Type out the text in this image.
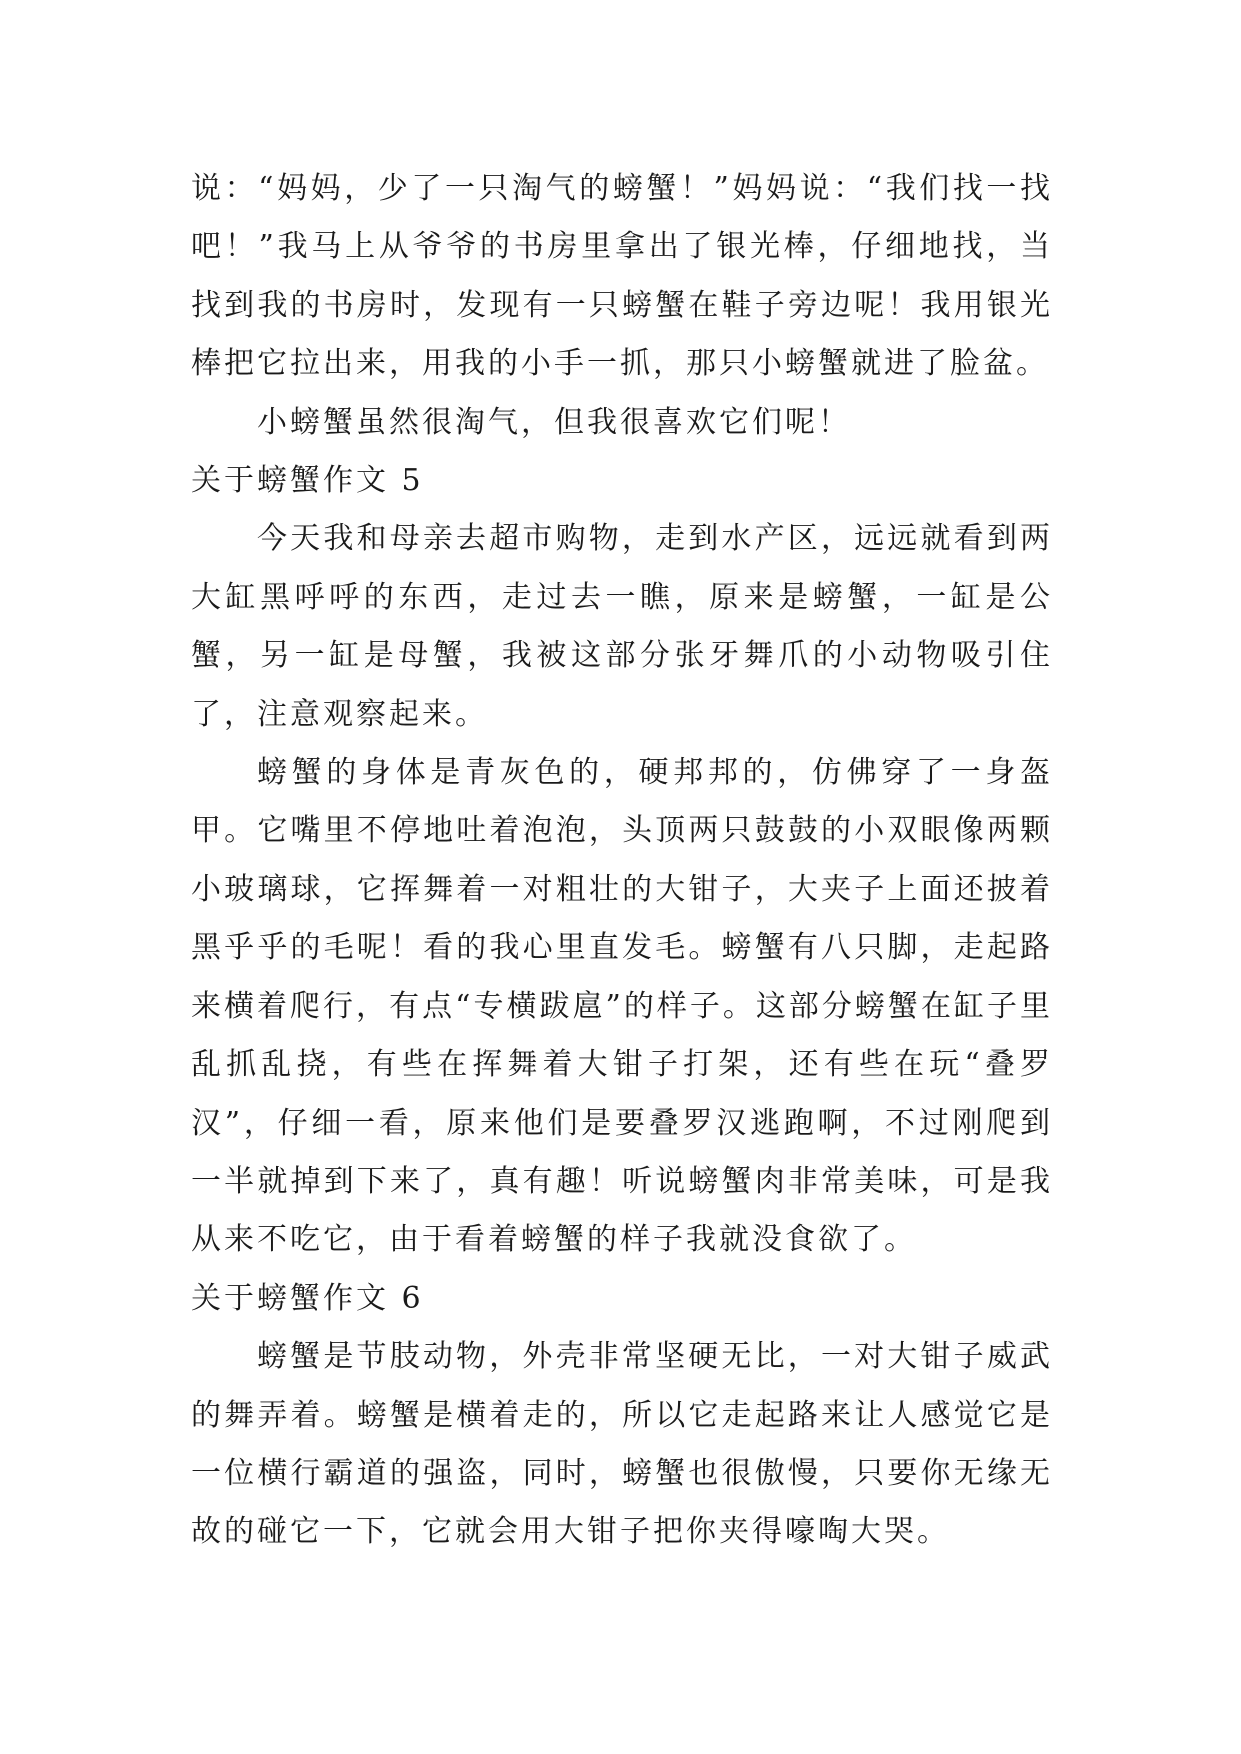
说：“妈妈，少了一只淘气的螃蟹！”妈妈说：“我们找一找吧！”我马上从爷爷的书房里拿出了银光棒，仔细地找，当找到我的书房时，发现有一只螃蟹在鞋子旁边呢！我用银光棒把它拉出来，用我的小手一抓，那只小螃蟹就进了脸盆。

小螃蟹虽然很淘气，但我很喜欢它们呢！

关于螃蟹作文 5

今天我和母亲去超市购物，走到水产区，远远就看到两大缸黑呼呼的东西，走过去一瞧，原来是螃蟹，一缸是公蟹，另一缸是母蟹，我被这部分张牙舞爪的小动物吸引住了，注意观察起来。

螃蟹的身体是青灰色的，硬邦邦的，仿佛穿了一身盔甲。它嘴里不停地吐着泡泡，头顶两只鼓鼓的小双眼像两颗小玻璃球，它挥舞着一对粗壮的大钳子，大夹子上面还披着黑乎乎的毛呢！看的我心里直发毛。螃蟹有八只脚，走起路来横着爬行，有点“专横跋扈”的样子。这部分螃蟹在缸子里乱抓乱挠，有些在挥舞着大钳子打架，还有些在玩“叠罗汉”，仔细一看，原来他们是要叠罗汉逃跑啊，不过刚爬到一半就掉到下来了，真有趣！听说螃蟹肉非常美味，可是我从来不吃它，由于看着螃蟹的样子我就没食欲了。

关于螃蟹作文 6

螃蟹是节肢动物，外壳非常坚硬无比，一对大钳子威武的舞弄着。螃蟹是横着走的，所以它走起路来让人感觉它是一位横行霸道的强盗，同时，螃蟹也很傲慢，只要你无缘无故的碰它一下，它就会用大钳子把你夹得嚎啕大哭。
